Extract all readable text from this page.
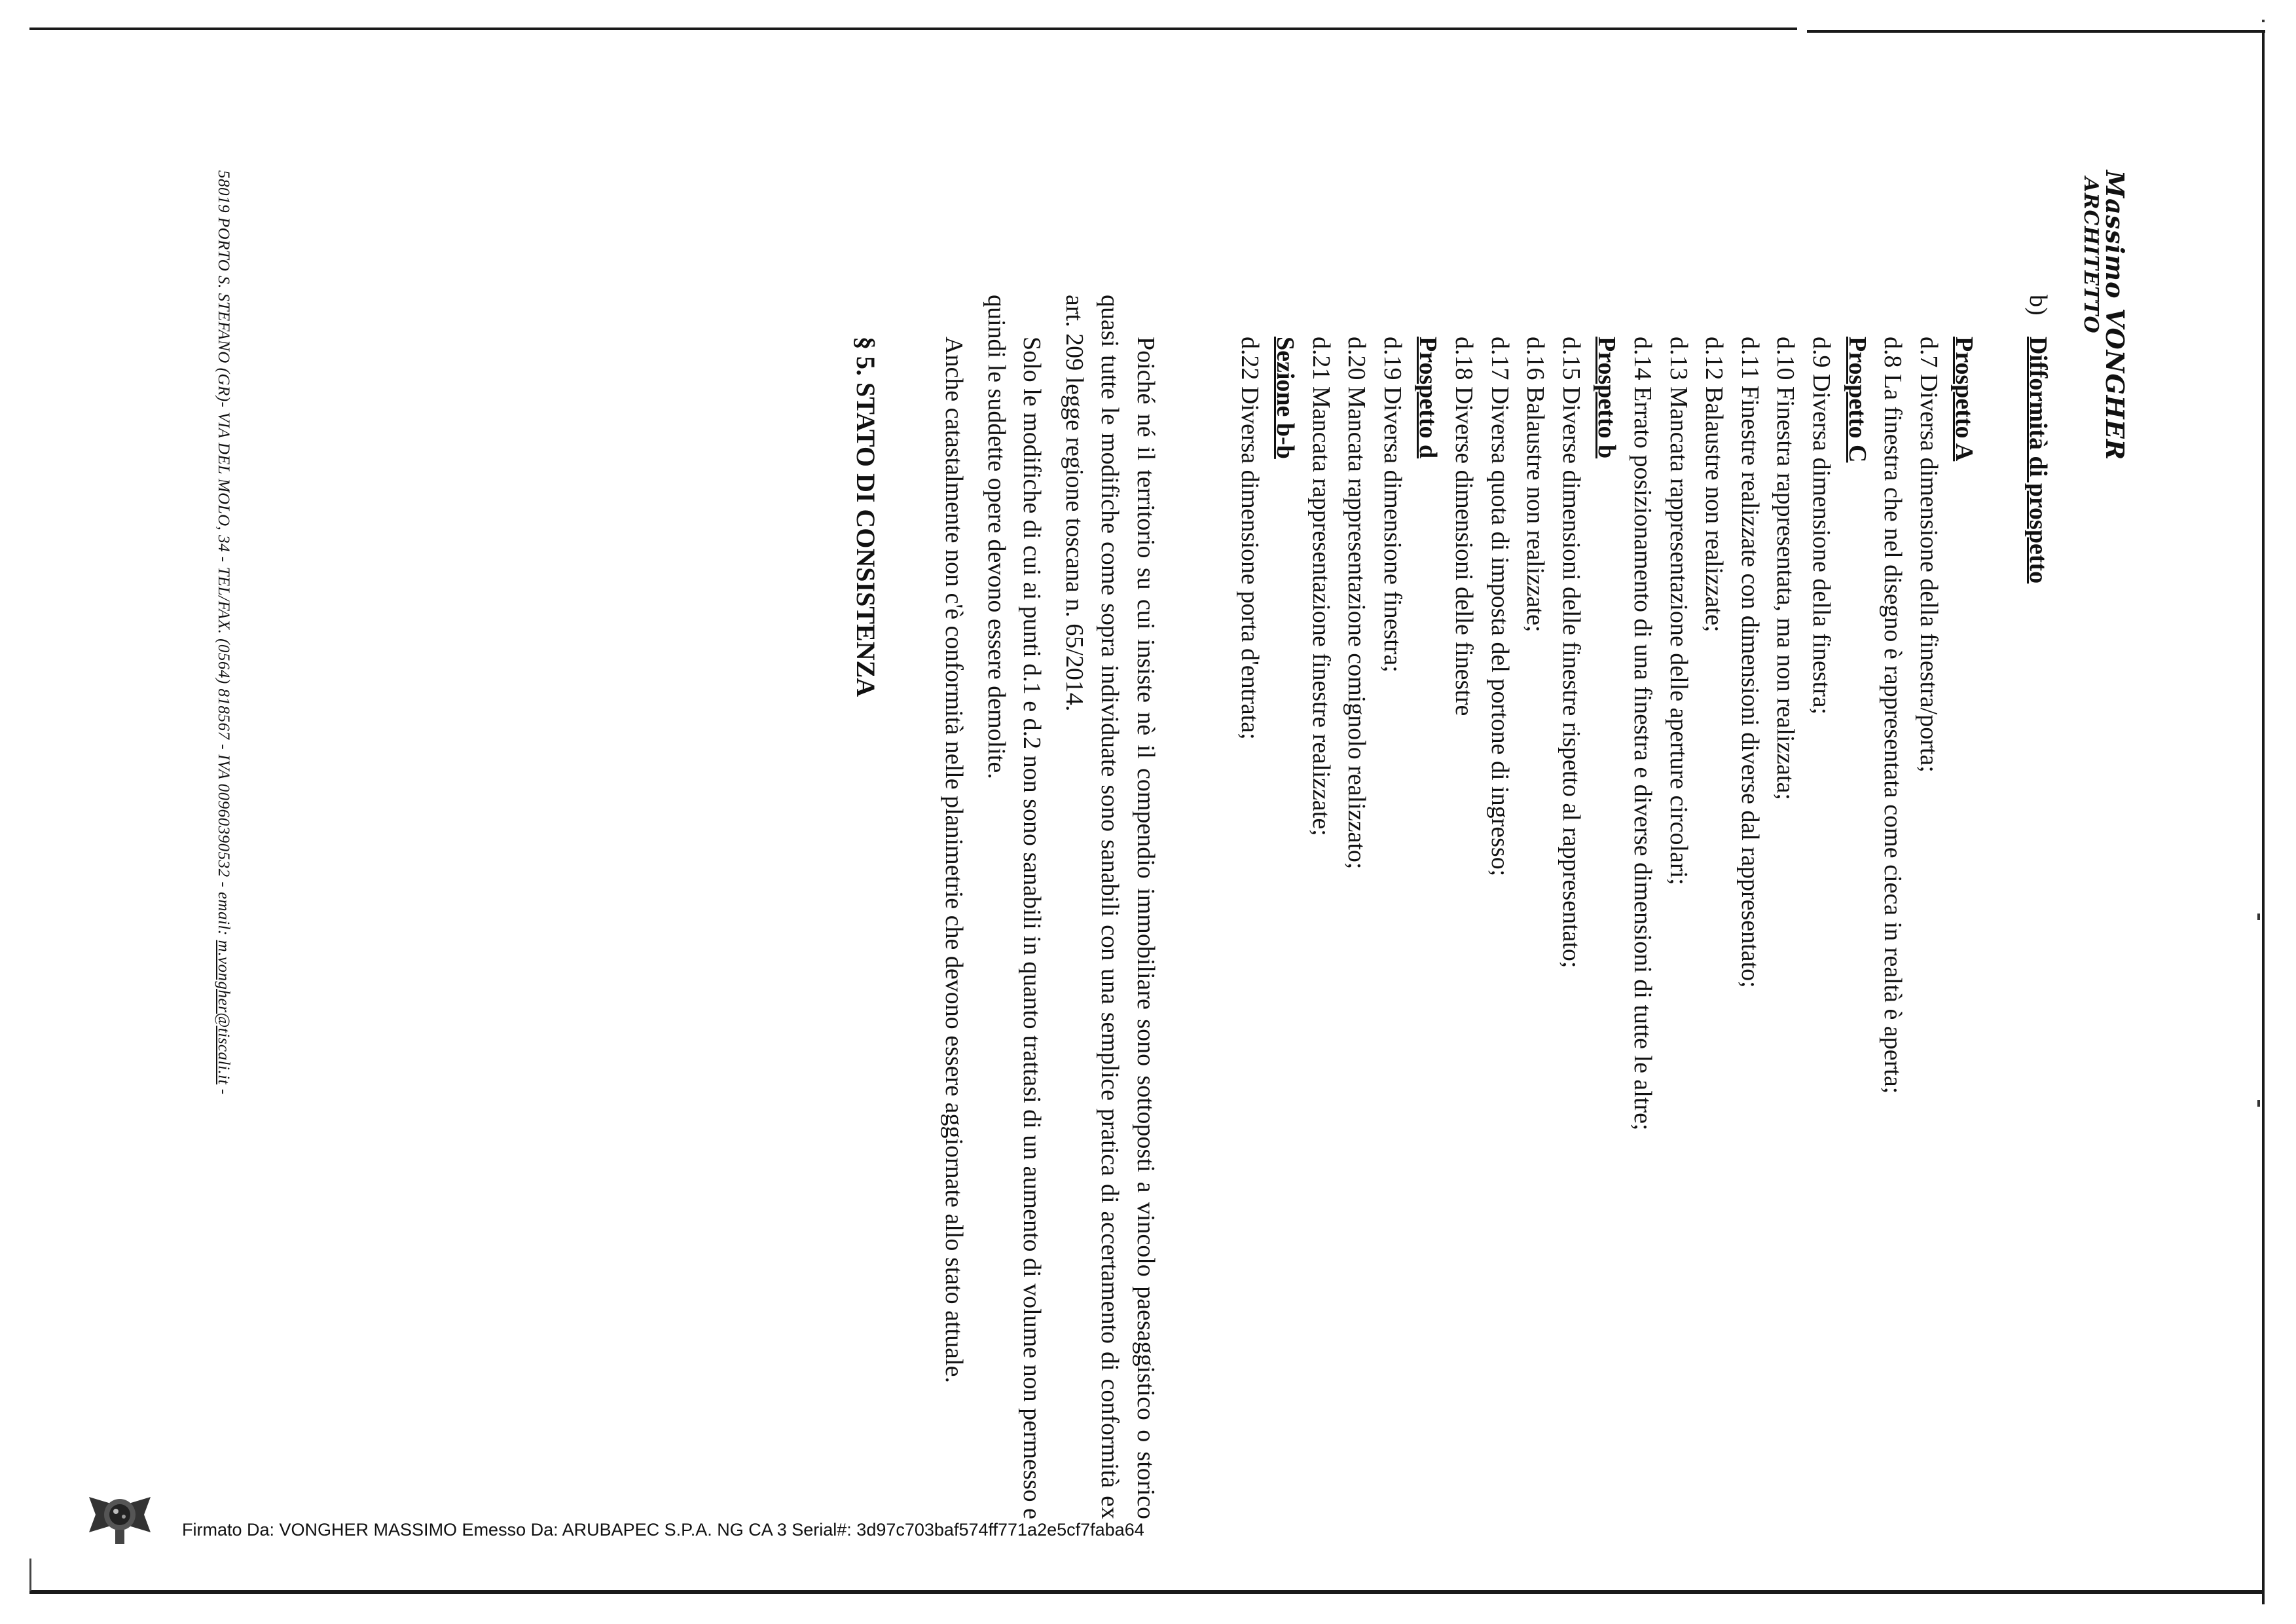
Massimo VONGHER
ARCHITETTO
b)Difformità di prospetto
Prospetto A
d.7 Diversa dimensione della finestra/porta;
d.8 La finestra che nel disegno è rappresentata come cieca in realtà è aperta;
Prospetto C
d.9 Diversa dimensione della finestra;
d.10 Finestra rappresentata, ma non realizzata;
d.11 Finestre realizzate con dimensioni diverse dal rappresentato;
d.12 Balaustre non realizzate;
d.13 Mancata rappresentazione delle aperture circolari;
d.14 Errato posizionamento di una finestra e diverse dimensioni di tutte le altre;
Prospetto b
d.15 Diverse dimensioni delle finestre rispetto al rappresentato;
d.16 Balaustre non realizzate;
d.17 Diversa quota di imposta del portone di ingresso;
d.18 Diverse dimensioni delle finestre
Prospetto d
d.19 Diversa dimensione finestra;
d.20 Mancata rappresentazione comignolo realizzato;
d.21 Mancata rappresentazione finestre realizzate;
Sezione b-b
d.22 Diversa dimensione porta d'entrata;

Poiché né il territorio su cui insiste nè il compendio immobiliare sono sottoposti a vincolo paesaggistico o storico quasi tutte le modifiche come sopra individuate sono sanabili con una semplice pratica di accertamento di conformità ex art. 209 legge regione toscana n. 65/2014.

Solo le modifiche di cui ai punti d.1 e d.2 non sono sanabili in quanto trattasi di un aumento di volume non permesso e quindi le suddette opere devono essere demolite.

Anche catastalmente non c'è conformità nelle planimetrie che devono essere aggiornate allo stato attuale.

§ 5. STATO DI CONSISTENZA
58019 PORTO S. STEFANO (GR)- VIA DEL MOLO, 34 - TEL/FAX. (0564) 818567 - IVA 00960390532 - email: m.vongher@tiscali.it -
Firmato Da: VONGHER MASSIMO Emesso Da: ARUBAPEC S.P.A. NG CA 3 Serial#: 3d97c703baf574ff771a2e5cf7faba64
